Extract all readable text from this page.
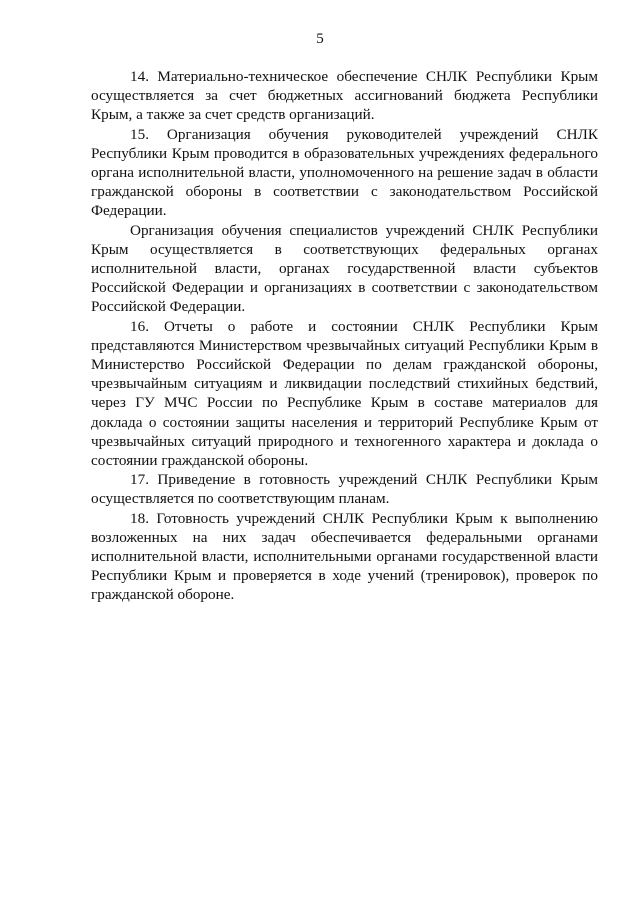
5

14. Материально-техническое обеспечение СНЛК Республики Крым осуществляется за счет бюджетных ассигнований бюджета Республики Крым, а также за счет средств организаций.

15. Организация обучения руководителей учреждений СНЛК Республики Крым проводится в образовательных учреждениях федерального органа исполнительной власти, уполномоченного на решение задач в области гражданской обороны в соответствии с законодательством Российской Федерации.

Организация обучения специалистов учреждений СНЛК Республики Крым осуществляется в соответствующих федеральных органах исполнительной власти, органах государственной власти субъектов Российской Федерации и организациях в соответствии с законодательством Российской Федерации.

16. Отчеты о работе и состоянии СНЛК Республики Крым представляются Министерством чрезвычайных ситуаций Республики Крым в Министерство Российской Федерации по делам гражданской обороны, чрезвычайным ситуациям и ликвидации последствий стихийных бедствий, через ГУ МЧС России по Республике Крым в составе материалов для доклада о состоянии защиты населения и территорий Республике Крым от чрезвычайных ситуаций природного и техногенного характера и доклада о состоянии гражданской обороны.

17. Приведение в готовность учреждений СНЛК Республики Крым осуществляется по соответствующим планам.

18. Готовность учреждений СНЛК Республики Крым к выполнению возложенных на них задач обеспечивается федеральными органами исполнительной власти, исполнительными органами государственной власти Республики Крым и проверяется в ходе учений (тренировок), проверок по гражданской обороне.
